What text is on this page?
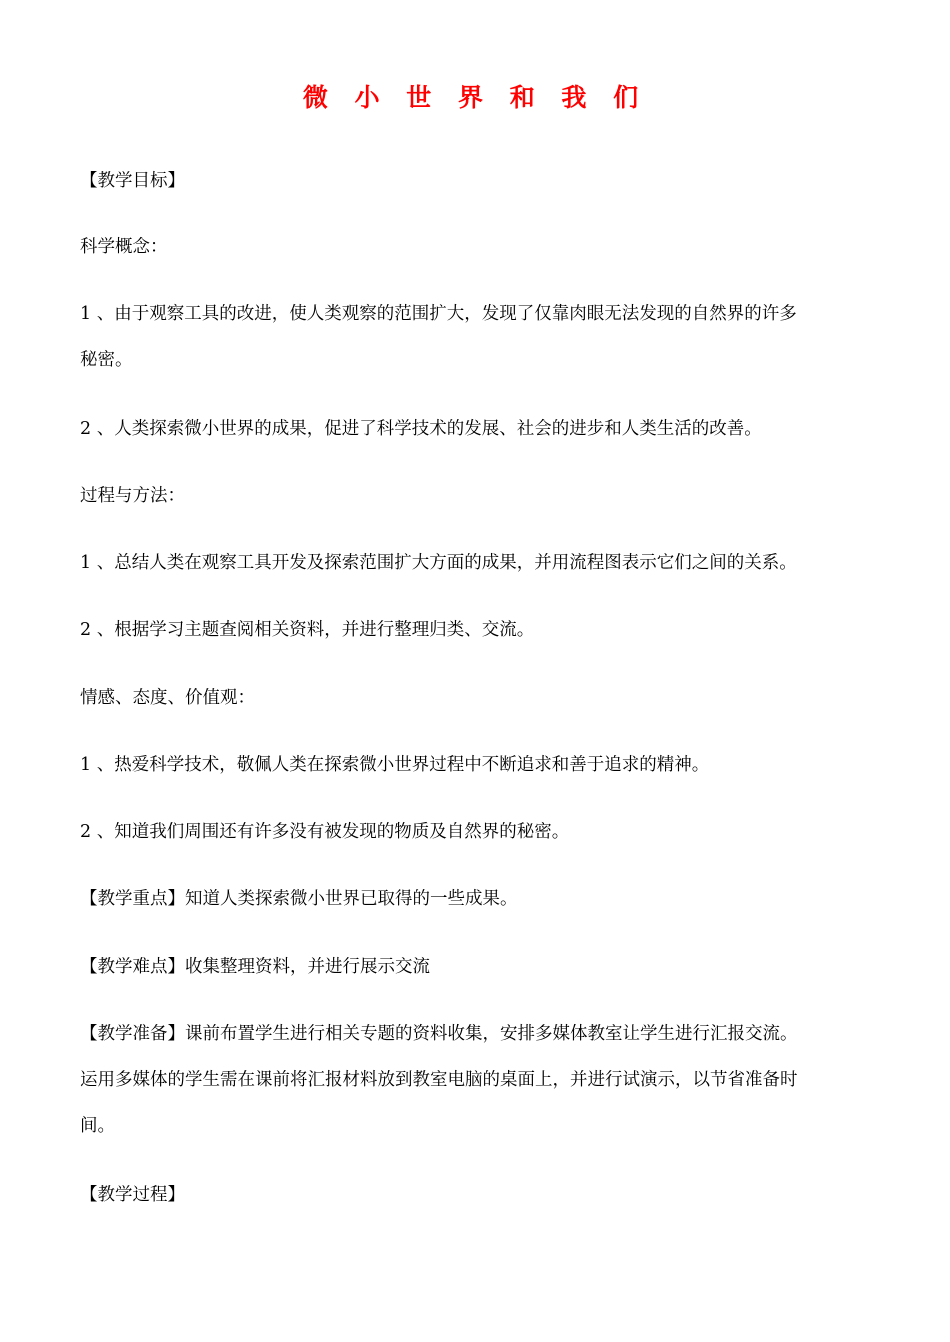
微 小 世 界 和 我 们
【教学目标】
科学概念：
1 、由于观察工具的改进，使人类观察的范围扩大，发现了仅靠肉眼无法发现的自然界的许多
秘密。
2 、人类探索微小世界的成果，促进了科学技术的发展、社会的进步和人类生活的改善。
过程与方法：
1 、总结人类在观察工具开发及探索范围扩大方面的成果，并用流程图表示它们之间的关系。
2 、根据学习主题查阅相关资料，并进行整理归类、交流。
情感、态度、价值观：
1 、热爱科学技术，敬佩人类在探索微小世界过程中不断追求和善于追求的精神。
2 、知道我们周围还有许多没有被发现的物质及自然界的秘密。
【教学重点】知道人类探索微小世界已取得的一些成果。
【教学难点】收集整理资料，并进行展示交流
【教学准备】课前布置学生进行相关专题的资料收集，安排多媒体教室让学生进行汇报交流。
运用多媒体的学生需在课前将汇报材料放到教室电脑的桌面上，并进行试演示，以节省准备时
间。
【教学过程】
